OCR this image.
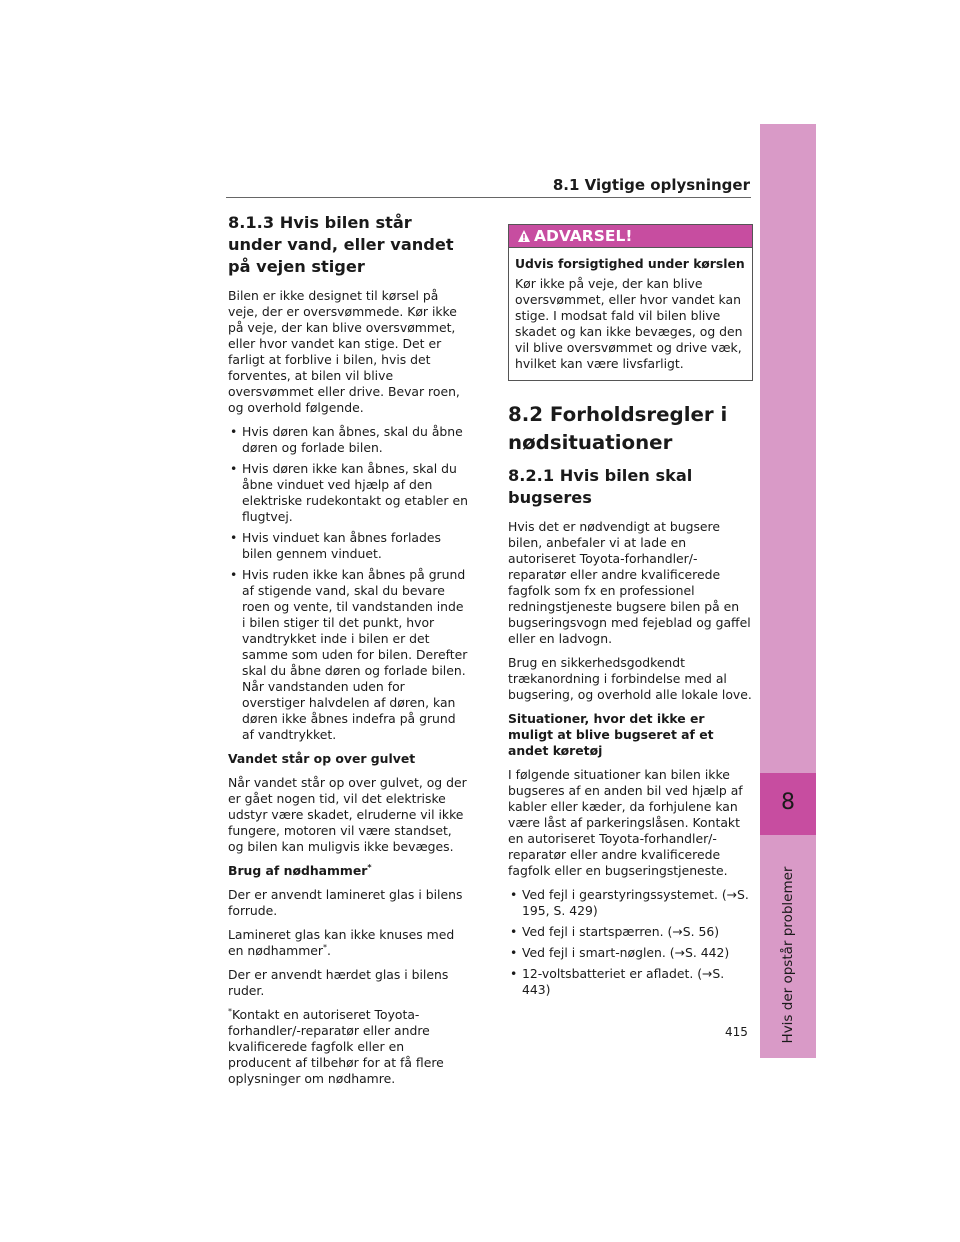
8
Hvis der opstår problemer
8.1 Vigtige oplysninger
8.1.3 Hvis bilen står under vand, eller vandet på vejen stiger

Bilen er ikke designet til kørsel på veje, der er oversvømmede. Kør ikke på veje, der kan blive oversvømmet, eller hvor vandet kan stige. Det er farligt at forblive i bilen, hvis det forventes, at bilen vil blive oversvømmet eller drive. Bevar roen, og overhold følgende.

• Hvis døren kan åbnes, skal du åbne døren og forlade bilen.
• Hvis døren ikke kan åbnes, skal du åbne vinduet ved hjælp af den elektriske rudekontakt og etabler en flugtvej.
• Hvis vinduet kan åbnes forlades bilen gennem vinduet.
• Hvis ruden ikke kan åbnes på grund af stigende vand, skal du bevare roen og vente, til vandstanden inde i bilen stiger til det punkt, hvor vandtrykket inde i bilen er det samme som uden for bilen. Derefter skal du åbne døren og forlade bilen. Når vandstanden uden for overstiger halvdelen af døren, kan døren ikke åbnes indefra på grund af vandtrykket.

Vandet står op over gulvet

Når vandet står op over gulvet, og der er gået nogen tid, vil det elektriske udstyr være skadet, elruderne vil ikke fungere, motoren vil være standset, og bilen kan muligvis ikke bevæges.

Brug af nødhammer*

Der er anvendt lamineret glas i bilens forrude.

Lamineret glas kan ikke knuses med en nødhammer*.

Der er anvendt hærdet glas i bilens ruder.

*Kontakt en autoriseret Toyota-forhandler/-reparatør eller andre kvalificerede fagfolk eller en producent af tilbehør for at få flere oplysninger om nødhamre.

ADVARSEL!

Udvis forsigtighed under kørslen

Kør ikke på veje, der kan blive oversvømmet, eller hvor vandet kan stige. I modsat fald vil bilen blive skadet og kan ikke bevæges, og den vil blive oversvømmet og drive væk, hvilket kan være livsfarligt.

8.2 Forholdsregler i nødsituationer
8.2.1 Hvis bilen skal bugseres

Hvis det er nødvendigt at bugsere bilen, anbefaler vi at lade en autoriseret Toyota-forhandler/-reparatør eller andre kvalificerede fagfolk som fx en professionel redningstjeneste bugsere bilen på en bugseringsvogn med fejeblad og gaffel eller en ladvogn.

Brug en sikkerhedsgodkendt trækanordning i forbindelse med al bugsering, og overhold alle lokale love.

Situationer, hvor det ikke er muligt at blive bugseret af et andet køretøj

I følgende situationer kan bilen ikke bugseres af en anden bil ved hjælp af kabler eller kæder, da forhjulene kan være låst af parkeringslåsen. Kontakt en autoriseret Toyota-forhandler/-reparatør eller andre kvalificerede fagfolk eller en bugseringstjeneste.

• Ved fejl i gearstyringssystemet. (→S. 195, S. 429)
• Ved fejl i startspærren. (→S. 56)
• Ved fejl i smart-nøglen. (→S. 442)
• 12-voltsbatteriet er afladet. (→S. 443)
415
